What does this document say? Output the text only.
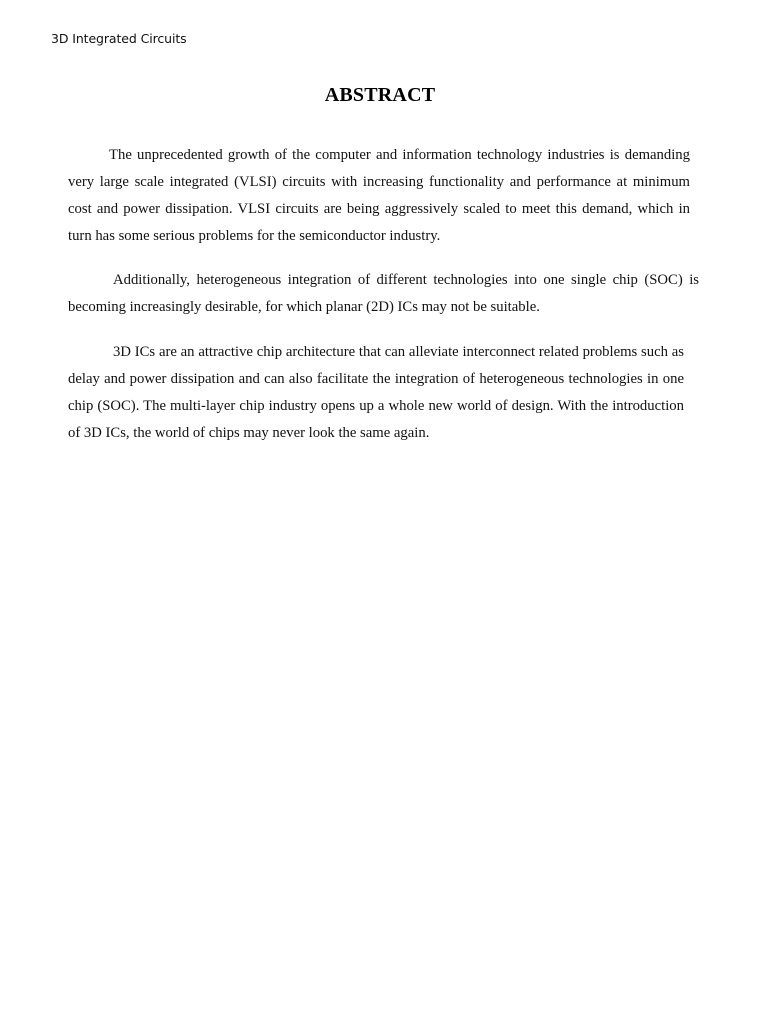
3D Integrated Circuits
ABSTRACT

The unprecedented growth of the computer and information technology industries is demanding very large scale integrated (VLSI) circuits with increasing functionality and performance at minimum cost and power dissipation. VLSI circuits are being aggressively scaled to meet this demand, which in turn has some serious problems for the semiconductor industry.

Additionally, heterogeneous integration of different technologies into one single chip (SOC) is becoming increasingly desirable, for which planar (2D) ICs may not be suitable.

3D ICs are an attractive chip architecture that can alleviate interconnect related problems such as delay and power dissipation and can also facilitate the integration of heterogeneous technologies in one chip (SOC). The multi-layer chip industry opens up a whole new world of design. With the introduction of 3D ICs, the world of chips may never look the same again.
